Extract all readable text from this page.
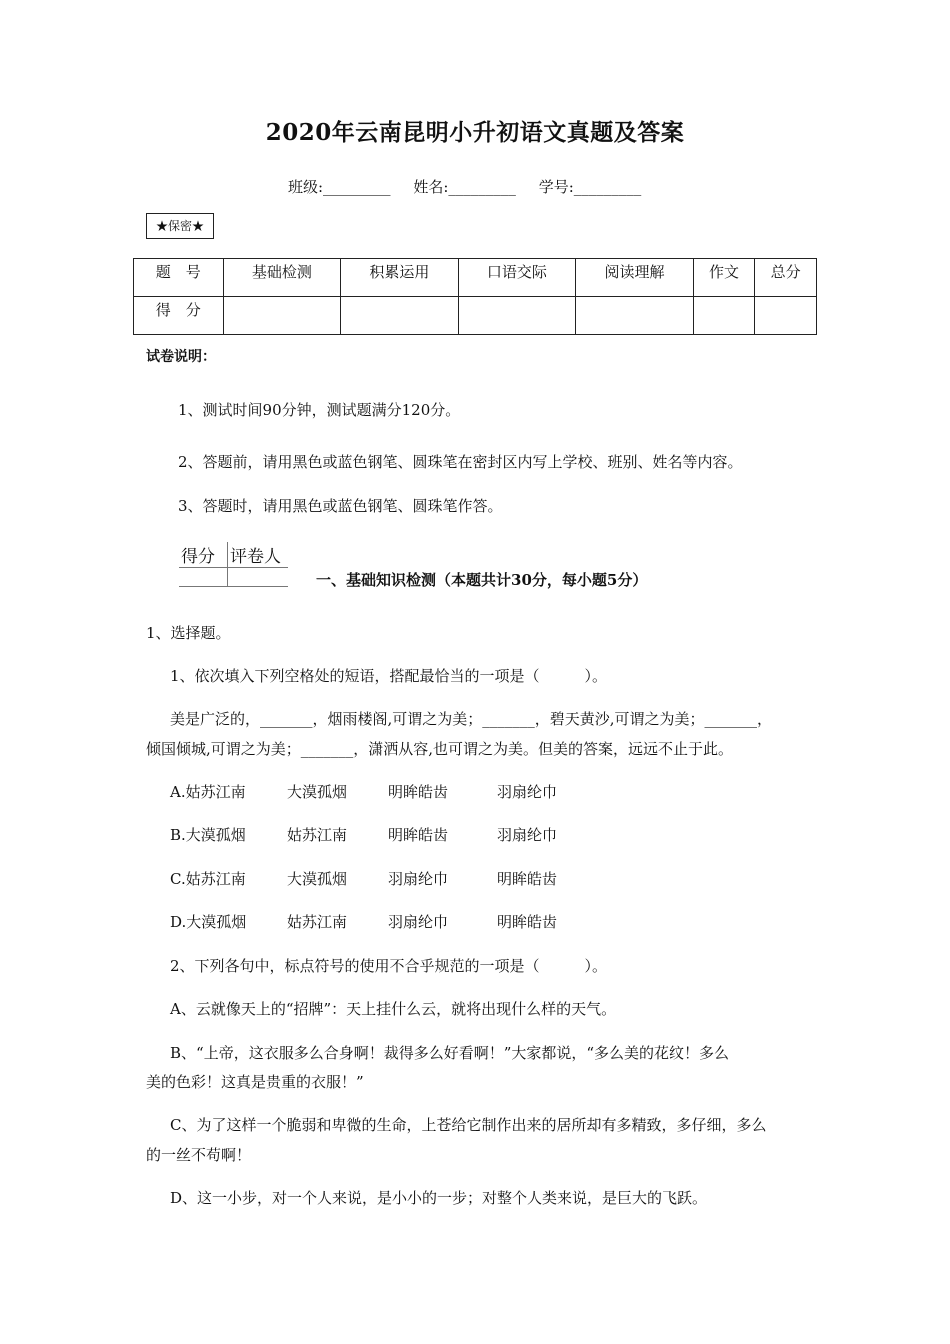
2020年云南昆明小升初语文真题及答案
班级:_________ 姓名:_________ 学号:_________
★保密★
题　号	基础检测	积累运用	口语交际	阅读理解	作文	总分
得　分						
试卷说明：
1、测试时间90分钟，测试题满分120分。
2、答题前，请用黑色或蓝色钢笔、圆珠笔在密封区内写上学校、班别、姓名等内容。
3、答题时，请用黑色或蓝色钢笔、圆珠笔作答。
得分	评卷人

一、基础知识检测（本题共计30分，每小题5分）
1、选择题。
1、依次填入下列空格处的短语，搭配最恰当的一项是（　　　）。
美是广泛的，_______，烟雨楼阁,可谓之为美；_______，碧天黄沙,可谓之为美；_______，
倾国倾城,可谓之为美；_______，潇洒从容,也可谓之为美。但美的答案，远远不止于此。
A.姑苏江南	大漠孤烟	明眸皓齿	羽扇纶巾
B.大漠孤烟	姑苏江南	明眸皓齿	羽扇纶巾
C.姑苏江南	大漠孤烟	羽扇纶巾	明眸皓齿
D.大漠孤烟	姑苏江南	羽扇纶巾	明眸皓齿
2、下列各句中，标点符号的使用不合乎规范的一项是（　　　）。
A、云就像天上的“招牌”：天上挂什么云，就将出现什么样的天气。
B、“上帝，这衣服多么合身啊！裁得多么好看啊！”大家都说，“多么美的花纹！多么
美的色彩！这真是贵重的衣服！”
C、为了这样一个脆弱和卑微的生命，上苍给它制作出来的居所却有多精致，多仔细，多么
的一丝不苟啊！
D、这一小步，对一个人来说，是小小的一步；对整个人类来说，是巨大的飞跃。
